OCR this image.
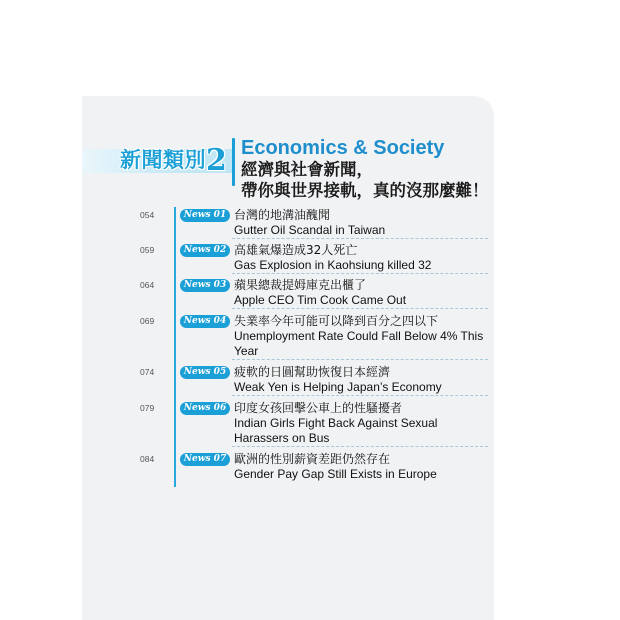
新聞類別2 Economics & Society
經濟與社會新聞，
帶你與世界接軌，真的沒那麼難！
054	News 01 台灣的地溝油醜聞
Gutter Oil Scandal in Taiwan
059	News 02 高雄氣爆造成32人死亡
Gas Explosion in Kaohsiung killed 32
064	News 03 蘋果總裁提姆庫克出櫃了
Apple CEO Tim Cook Came Out
069	News 04 失業率今年可能可以降到百分之四以下
Unemployment Rate Could Fall Below 4% This Year
074	News 05 疲軟的日圓幫助恢復日本經濟
Weak Yen is Helping Japan’s Economy
079	News 06 印度女孩回擊公車上的性騷擾者
Indian Girls Fight Back Against Sexual Harassers on Bus
084	News 07 歐洲的性別薪資差距仍然存在
Gender Pay Gap Still Exists in Europe
